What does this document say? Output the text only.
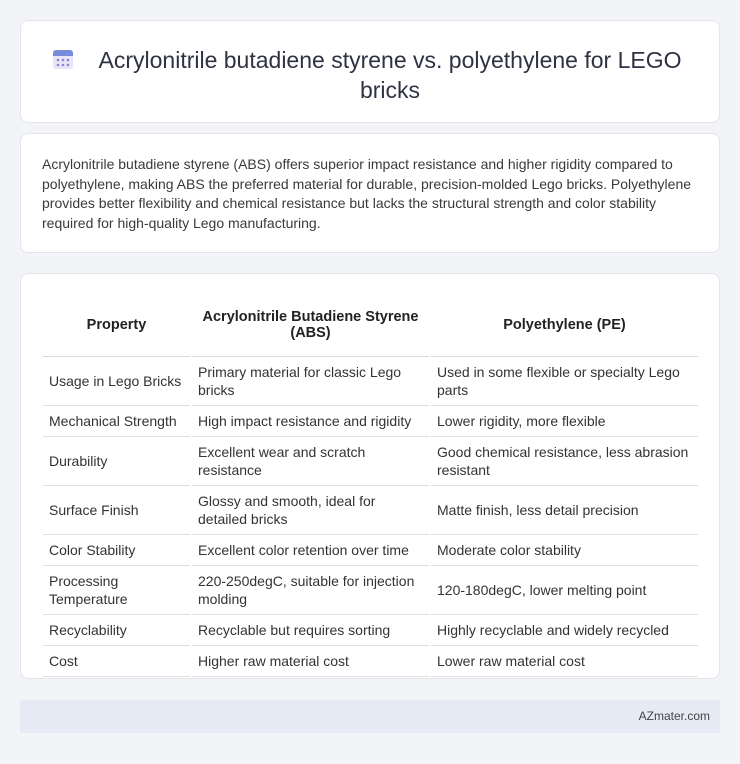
Acrylonitrile butadiene styrene vs. polyethylene for LEGO bricks

Acrylonitrile butadiene styrene (ABS) offers superior impact resistance and higher rigidity compared to polyethylene, making ABS the preferred material for durable, precision-molded Lego bricks. Polyethylene provides better flexibility and chemical resistance but lacks the structural strength and color stability required for high-quality Lego manufacturing.

Property	Acrylonitrile Butadiene Styrene (ABS)	Polyethylene (PE)
Usage in Lego Bricks	Primary material for classic Lego bricks	Used in some flexible or specialty Lego parts
Mechanical Strength	High impact resistance and rigidity	Lower rigidity, more flexible
Durability	Excellent wear and scratch resistance	Good chemical resistance, less abrasion resistant
Surface Finish	Glossy and smooth, ideal for detailed bricks	Matte finish, less detail precision
Color Stability	Excellent color retention over time	Moderate color stability
Processing Temperature	220-250degC, suitable for injection molding	120-180degC, lower melting point
Recyclability	Recyclable but requires sorting	Highly recyclable and widely recycled
Cost	Higher raw material cost	Lower raw material cost
AZmater.com
